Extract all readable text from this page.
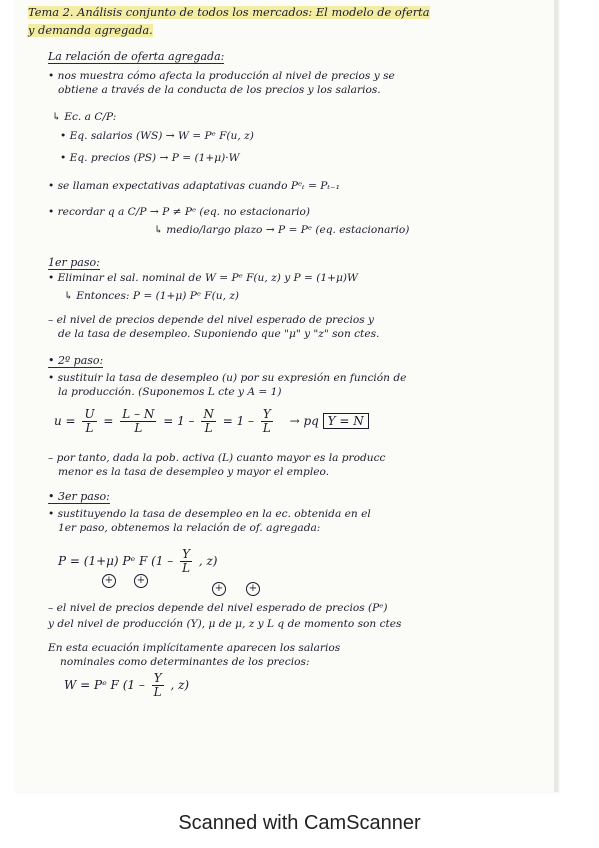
Tema 2. Análisis conjunto de todos los mercados: El modelo de oferta
y demanda agregada.
La relación de oferta agregada:
• nos muestra cómo afecta la producción al nivel de precios y se
obtiene a través de la conducta de los precios y los salarios.
↳ Ec. a C/P:
• Eq. salarios (WS) → W = Pᵉ F(u, z)
• Eq. precios (PS) → P = (1+μ)·W
• se llaman expectativas adaptativas cuando Pᵉₜ = Pₜ₋₁
• recordar q a C/P → P ≠ Pᵉ (eq. no estacionario)
↳ medio/largo plazo → P = Pᵉ (eq. estacionario)
1er paso:
• Eliminar el sal. nominal de W = Pᵉ F(u, z) y P = (1+μ)W
↳ Entonces: P = (1+μ) Pᵉ F(u, z)
– el nivel de precios depende del nivel esperado de precios y
de la tasa de desempleo. Suponiendo que "μ" y "z" son ctes.
• 2º paso:
• sustituir la tasa de desempleo (u) por su expresión en función de
la producción. (Suponemos L cte y A = 1)
$u = \frac{U}{L} = \frac{L - N}{L} = 1 - \frac{N}{L} = 1 - \frac{Y}{L}$ → pq Y = N
– por tanto, dada la pob. activa (L) cuanto mayor es la producc
menor es la tasa de desempleo y mayor el empleo.
• 3er paso:
• sustituyendo la tasa de desempleo en la ec. obtenida en el
1er paso, obtenemos la relación de of. agregada:
P = (1+μ) Pᵉ F ($1 - \frac{Y}{L}$ , z)
+ +
+	+
– el nivel de precios depende del nivel esperado de precios (Pᵉ)
y del nivel de producción (Y), μ de μ, z y L q de momento son ctes
En esta ecuación implícitamente aparecen los salarios
nominales como determinantes de los precios:
W = Pᵉ F ($1 - \frac{Y}{L}$ , z)
Scanned with CamScanner
